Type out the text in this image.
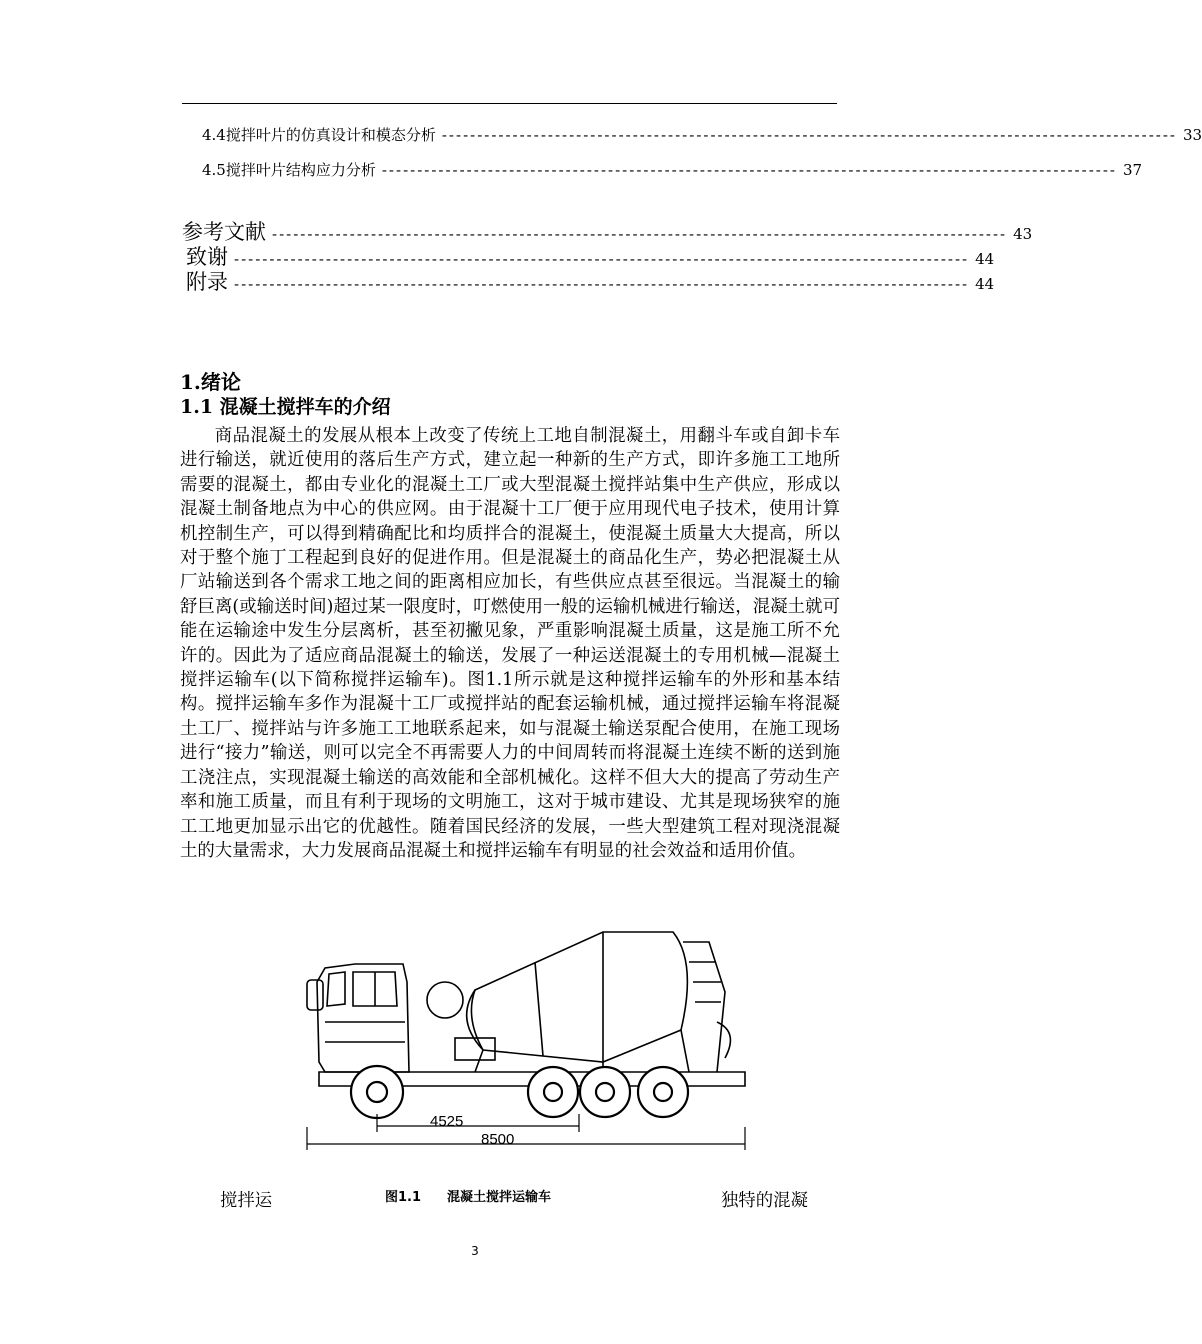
4.4搅拌叶片的仿真设计和模态分析 -------------------------------------------------------------------------------------------------------- 33
4.5搅拌叶片结构应力分析 -------------------------------------------------------------------------------------------------------- 37
参考文献 -------------------------------------------------------------------------------------------------------- 43
致谢 -------------------------------------------------------------------------------------------------------- 44
附录 -------------------------------------------------------------------------------------------------------- 44
1.绪论
1.1 混凝土搅拌车的介绍

商品混凝土的发展从根本上改变了传统上工地自制混凝土，用翻斗车或自卸卡车进行输送，就近使用的落后生产方式，建立起一种新的生产方式，即许多施工工地所需要的混凝土，都由专业化的混凝土工厂或大型混凝土搅拌站集中生产供应，形成以混凝土制备地点为中心的供应网。由于混凝十工厂便于应用现代电子技术，使用计算机控制生产，可以得到精确配比和均质拌合的混凝土，使混凝土质量大大提高，所以对于整个施丁工程起到良好的促进作用。但是混凝土的商品化生产，势必把混凝土从厂站输送到各个需求工地之间的距离相应加长，有些供应点甚至很远。当混凝土的输舒巨离(或输送时间)超过某一限度时，叮燃使用一般的运输机械进行输送，混凝土就可能在运输途中发生分层离析，甚至初撇见象，严重影响混凝土质量，这是施工所不允许的。因此为了适应商品混凝土的输送，发展了一种运送混凝土的专用机械—混凝土搅拌运输车(以下简称搅拌运输车)。图1.1所示就是这种搅拌运输车的外形和基本结构。搅拌运输车多作为混凝十工厂或搅拌站的配套运输机械，通过搅拌运输车将混凝土工厂、搅拌站与许多施工工地联系起来，如与混凝土输送泵配合使用，在施工现场进行“接力”输送，则可以完全不再需要人力的中间周转而将混凝土连续不断的送到施工浇注点，实现混凝土输送的高效能和全部机械化。这样不但大大的提高了劳动生产率和施工质量，而且有利于现场的文明施工，这对于城市建设、尤其是现场狭窄的施工工地更加显示出它的优越性。随着国民经济的发展，一些大型建筑工程对现浇混凝土的大量需求，大力发展商品混凝土和搅拌运输车有明显的社会效益和适用价值。

4525
8500
搅拌运	图1.1 混凝土搅拌运输车	独特的混凝
3
